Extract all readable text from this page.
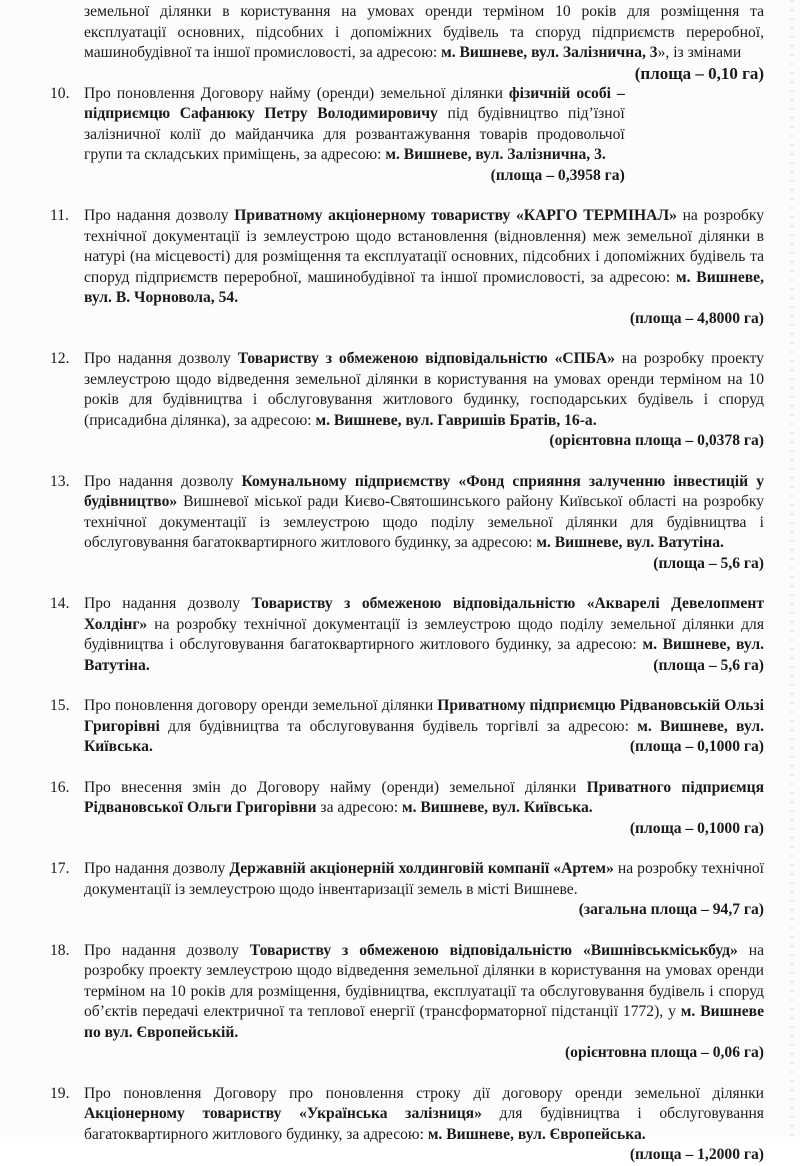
земельної ділянки в користування на умовах оренди терміном 10 років для розміщення та експлуатації основних, підсобних і допоміжних будівель та споруд підприємств переробної, машинобудівної та іншої промисловості, за адресою: м. Вишневе, вул. Залізнична, 3», із змінами
(площа – 0,10 га)
10. Про поновлення Договору найму (оренди) земельної ділянки фізичній особі – підприємцю Сафанюку Петру Володимировичу під будівництво під’їзної залізничної колії до майданчика для розвантажування товарів продовольчої групи та складських приміщень, за адресою: м. Вишневе, вул. Залізнична, 3.
(площа – 0,3958 га)
11. Про надання дозволу Приватному акціонерному товариству «КАРГО ТЕРМІНАЛ» на розробку технічної документації із землеустрою щодо встановлення (відновлення) меж земельної ділянки в натурі (на місцевості) для розміщення та експлуатації основних, підсобних і допоміжних будівель та споруд підприємств переробної, машинобудівної та іншої промисловості, за адресою: м. Вишневе, вул. В. Чорновола, 54.
(площа – 4,8000 га)
12. Про надання дозволу Товариству з обмеженою відповідальністю «СПБА» на розробку проекту землеустрою щодо відведення земельної ділянки в користування на умовах оренди терміном на 10 років для будівництва і обслуговування житлового будинку, господарських будівель і споруд (присадибна ділянка), за адресою: м. Вишневе, вул. Гавришів Братів, 16-а.
(орієнтовна площа – 0,0378 га)
13. Про надання дозволу Комунальному підприємству «Фонд сприяння залученню інвестицій у будівництво» Вишневої міської ради Києво-Святошинського району Київської області на розробку технічної документації із землеустрою щодо поділу земельної ділянки для будівництва і обслуговування багатоквартирного житлового будинку, за адресою: м. Вишневе, вул. Ватутіна.
(площа – 5,6 га)
14. Про надання дозволу Товариству з обмеженою відповідальністю «Акварелі Девелопмент Холдінг» на розробку технічної документації із землеустрою щодо поділу земельної ділянки для будівництва і обслуговування багатоквартирного житлового будинку, за адресою: м. Вишневе, вул. Ватутіна.	(площа – 5,6 га)
15. Про поновлення договору оренди земельної ділянки Приватному підприємцю Рідвановській Ользі Григорівні для будівництва та обслуговування будівель торгівлі за адресою: м. Вишневе, вул. Київська.	(площа – 0,1000 га)
16. Про внесення змін до Договору найму (оренди) земельної ділянки Приватного підприємця Рідвановської Ольги Григорівни за адресою: м. Вишневе, вул. Київська.
(площа – 0,1000 га)
17. Про надання дозволу Державній акціонерній холдинговій компанії «Артем» на розробку технічної документації із землеустрою щодо інвентаризації земель в місті Вишневе.
(загальна площа – 94,7 га)
18. Про надання дозволу Товариству з обмеженою відповідальністю «Вишнівськміськбуд» на розробку проекту землеустрою щодо відведення земельної ділянки в користування на умовах оренди терміном на 10 років для розміщення, будівництва, експлуатації та обслуговування будівель і споруд об’єктів передачі електричної та теплової енергії (трансформаторної підстанції 1772), у м. Вишневе по вул. Європейській.
(орієнтовна площа – 0,06 га)
19. Про поновлення Договору про поновлення строку дії договору оренди земельної ділянки Акціонерному товариству «Українська залізниця» для будівництва і обслуговування багатоквартирного житлового будинку, за адресою: м. Вишневе, вул. Європейська.
(площа – 1,2000 га)
